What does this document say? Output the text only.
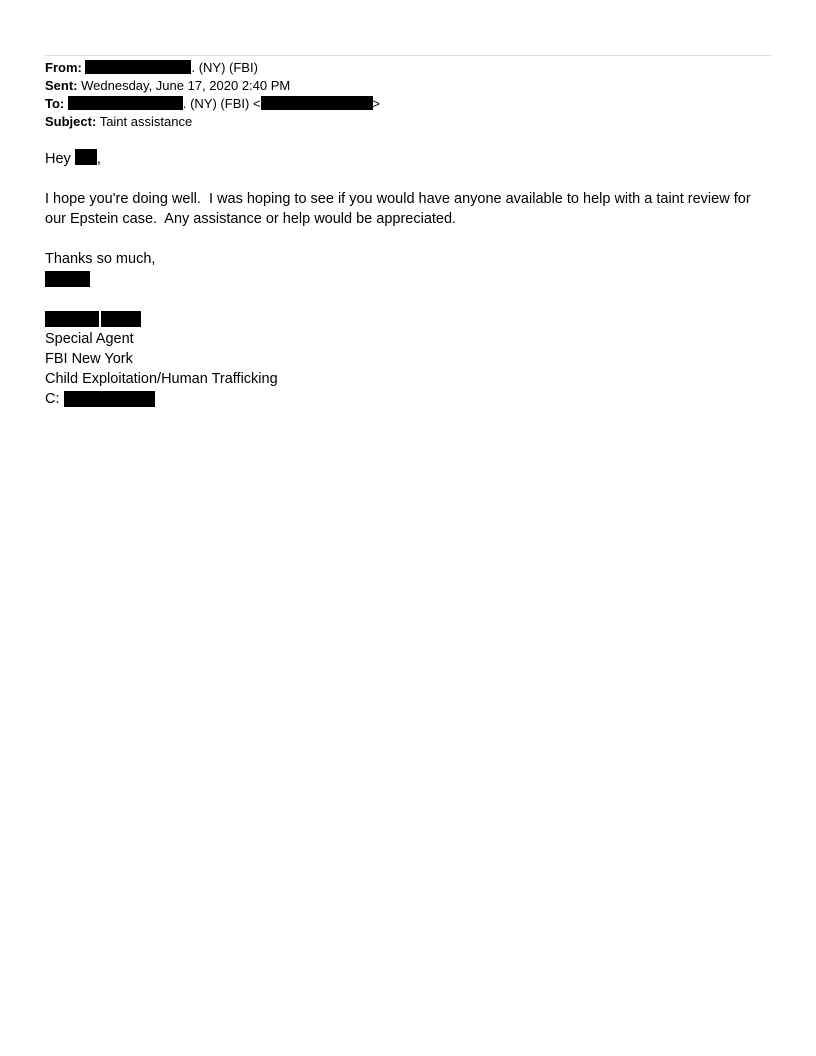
From:	. (NY) (FBI)
Sent: Wednesday, June 17, 2020 2:40 PM
To:	. (NY) (FBI) <	>
Subject: Taint assistance

Hey ,

I hope you're doing well.  I was hoping to see if you would have anyone available to help with a taint review for

our Epstein case.  Any assistance or help would be appreciated.

Thanks so much,

Special Agent

FBI New York

Child Exploitation/Human Trafficking

C:
